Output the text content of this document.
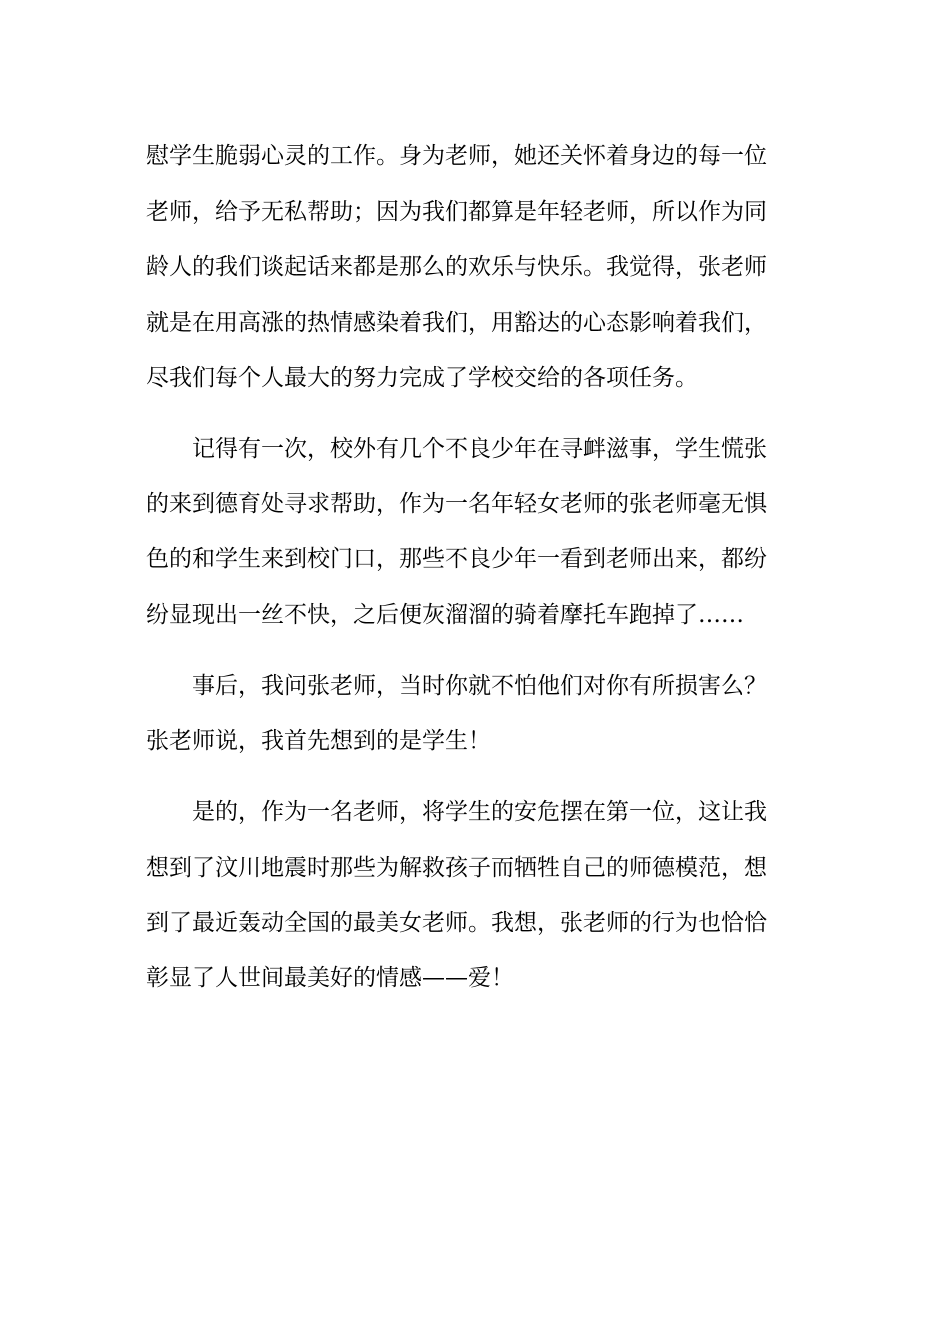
慰学生脆弱心灵的工作。身为老师，她还关怀着身边的每一位
老师，给予无私帮助；因为我们都算是年轻老师，所以作为同
龄人的我们谈起话来都是那么的欢乐与快乐。我觉得，张老师
就是在用高涨的热情感染着我们，用豁达的心态影响着我们，
尽我们每个人最大的努力完成了学校交给的各项任务。
记得有一次，校外有几个不良少年在寻衅滋事，学生慌张
的来到德育处寻求帮助，作为一名年轻女老师的张老师毫无惧
色的和学生来到校门口，那些不良少年一看到老师出来，都纷
纷显现出一丝不快，之后便灰溜溜的骑着摩托车跑掉了……
事后，我问张老师，当时你就不怕他们对你有所损害么？
张老师说，我首先想到的是学生！
是的，作为一名老师，将学生的安危摆在第一位，这让我
想到了汶川地震时那些为解救孩子而牺牲自己的师德模范，想
到了最近轰动全国的最美女老师。我想，张老师的行为也恰恰
彰显了人世间最美好的情感——爱！
